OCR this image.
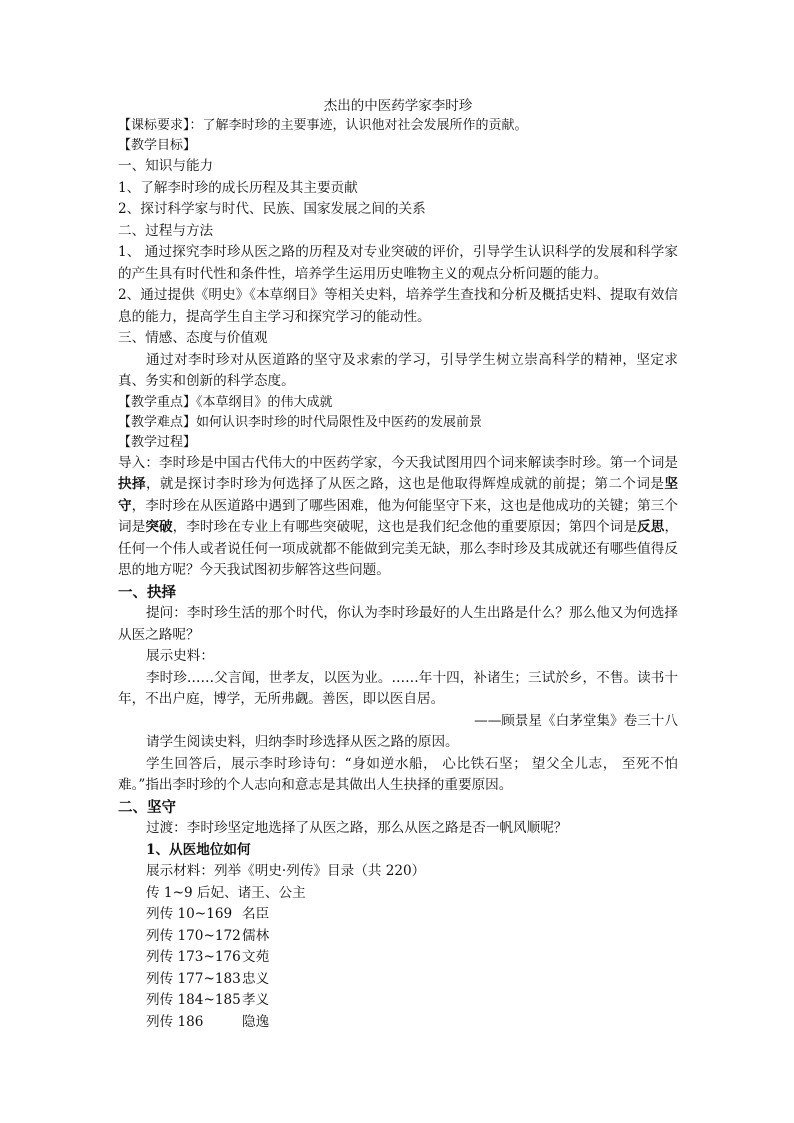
杰出的中医药学家李时珍

【课标要求】：了解李时珍的主要事迹，认识他对社会发展所作的贡献。

【教学目标】

一、知识与能力

1、了解李时珍的成长历程及其主要贡献

2、探讨科学家与时代、民族、国家发展之间的关系

二、过程与方法

1、 通过探究李时珍从医之路的历程及对专业突破的评价，引导学生认识科学的发展和科学家的产生具有时代性和条件性，培养学生运用历史唯物主义的观点分析问题的能力。

2、通过提供《明史》《本草纲目》等相关史料，培养学生查找和分析及概括史料、提取有效信息的能力，提高学生自主学习和探究学习的能动性。

三、情感、态度与价值观

通过对李时珍对从医道路的坚守及求索的学习，引导学生树立崇高科学的精神，坚定求真、务实和创新的科学态度。

【教学重点】《本草纲目》的伟大成就

【教学难点】如何认识李时珍的时代局限性及中医药的发展前景

【教学过程】

导入：李时珍是中国古代伟大的中医药学家，今天我试图用四个词来解读李时珍。第一个词是抉择，就是探讨李时珍为何选择了从医之路，这也是他取得辉煌成就的前提；第二个词是坚守，李时珍在从医道路中遇到了哪些困难，他为何能坚守下来，这也是他成功的关键；第三个词是突破，李时珍在专业上有哪些突破呢，这也是我们纪念他的重要原因；第四个词是反思，任何一个伟人或者说任何一项成就都不能做到完美无缺，那么李时珍及其成就还有哪些值得反思的地方呢？今天我试图初步解答这些问题。

一、抉择

提问：李时珍生活的那个时代，你认为李时珍最好的人生出路是什么？那么他又为何选择从医之路呢？

展示史料：

李时珍……父言闻，世孝友，以医为业。……年十四，补诸生；三试於乡，不售。读书十年，不出户庭，博学，无所弗觑。善医，即以医自居。

——顾景星《白茅堂集》卷三十八

请学生阅读史料，归纳李时珍选择从医之路的原因。

学生回答后，展示李时珍诗句：“身如逆水船， 心比铁石坚； 望父全儿志， 至死不怕难。”指出李时珍的个人志向和意志是其做出人生抉择的重要原因。

二、坚守

过渡：李时珍坚定地选择了从医之路，那么从医之路是否一帆风顺呢？

1、从医地位如何

展示材料：列举《明史·列传》目录（共 220）

传 1~9 后妃、诸王、公主
列传 10~169 名臣
列传 170~172儒林
列传 173~176文苑
列传 177~183忠义
列传 184~185孝义
列传 186	隐逸
